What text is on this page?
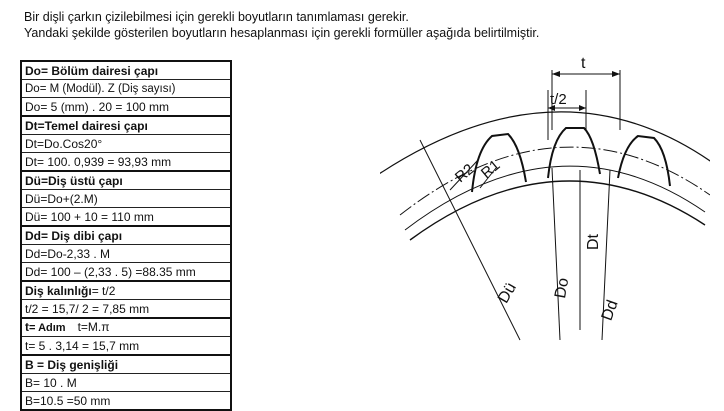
Bir dişli çarkın çizilebilmesi için gerekli boyutların tanımlaması gerekir.
Yandaki şekilde gösterilen boyutların hesaplanması için gerekli formüller aşağıda belirtilmiştir.
Do= Bölüm dairesi çapı
Do= M (Modül). Z (Diş sayısı)
Do= 5 (mm) . 20 = 100 mm
Dt=Temel dairesi çapı
Dt=Do.Cos20°
Dt= 100. 0,939 = 93,93 mm
Dü=Diş üstü çapı
Dü=Do+(2.M)
Dü= 100 + 10 = 110 mm
Dd= Diş dibi çapı
Dd=Do-2,33 . M
Dd= 100 – (2,33 . 5) =88.35 mm
Diş kalınlığı= t/2
t/2 = 15,7/ 2 = 7,85 mm
t= Adım t=M.π
t= 5 . 3,14 = 15,7 mm
B = Diş genişliği
B= 10 . M
B=10.5 =50 mm
t
t/2
R2 R1
Dü Do
Dt
Dd
